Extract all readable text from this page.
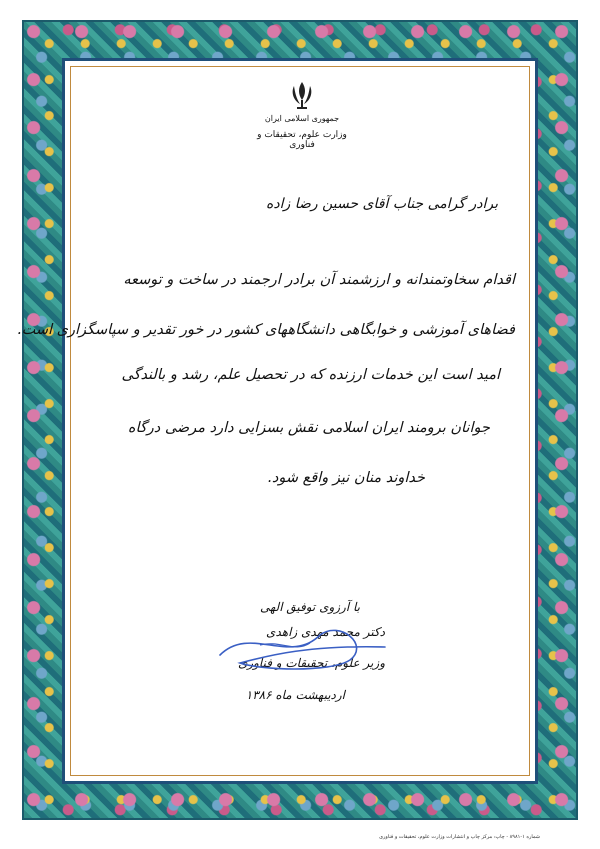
جمهوری اسلامی ایران
وزارت علوم، تحقیقات و فناوری
برادر گرامی جناب آقای حسین رضا زاده
اقدام سخاوتمندانه و ارزشمند آن برادر ارجمند در ساخت و توسعه
فضاهای آموزشی و خوابگاهی دانشگاههای کشور در خور تقدیر و سپاسگزاری است.
امید است این خدمات ارزنده که در تحصیل علم، رشد و بالندگی
جوانان برومند ایران اسلامی نقش بسزایی دارد مرضی درگاه
خداوند منان نیز واقع شود.
با آرزوی توفیق الهی
دکتر محمد مهدی زاهدی
وزیر علوم، تحقیقات و فناوری
اردیبهشت ماه ۱۳۸۶
شماره ۱-۸۹۸۱ - چاپ: مرکز چاپ و انتشارات وزارت علوم، تحقیقات و فناوری
